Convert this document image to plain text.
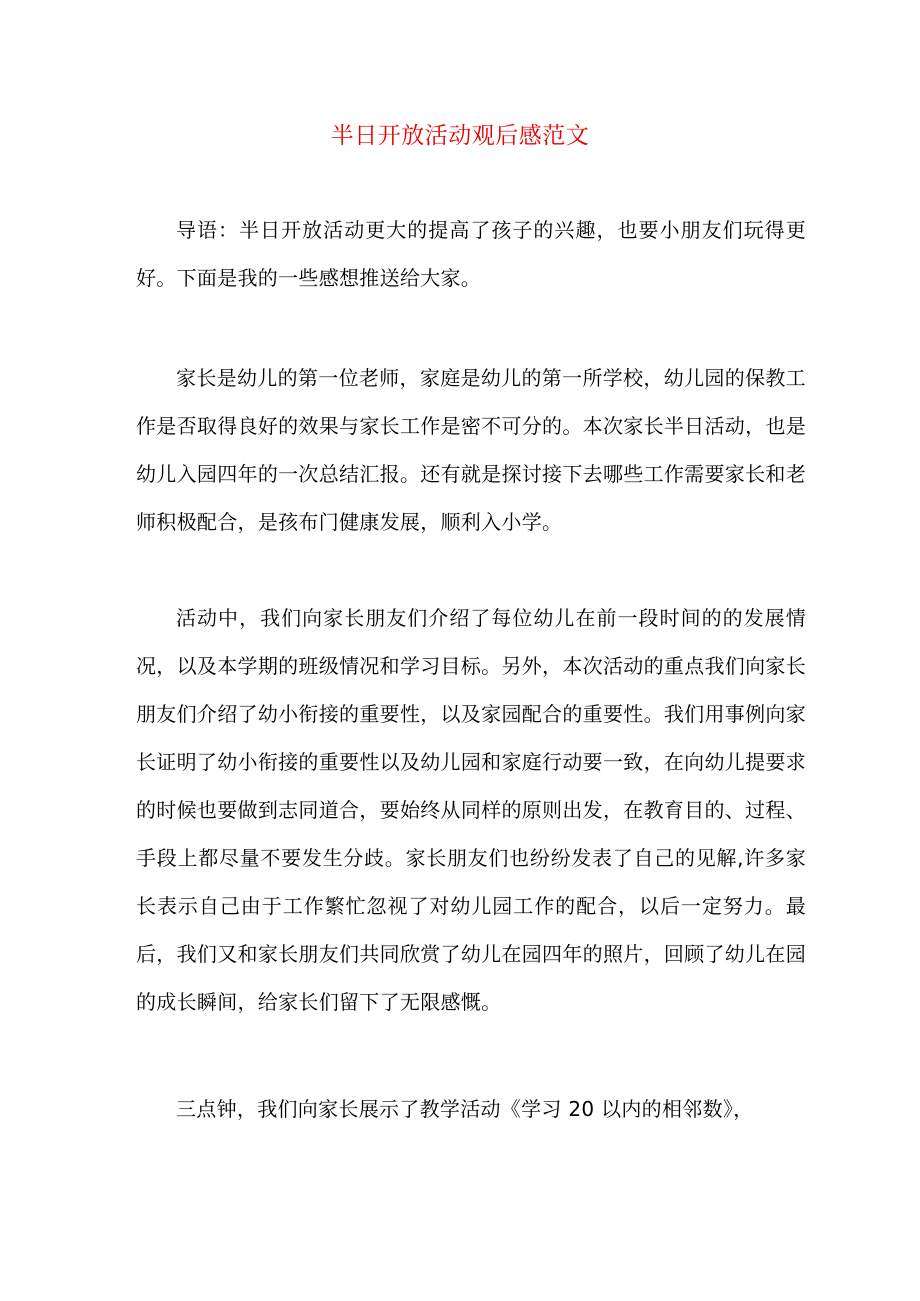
半日开放活动观后感范文

导语：半日开放活动更大的提高了孩子的兴趣，也要小朋友们玩得更好。下面是我的一些感想推送给大家。

家长是幼儿的第一位老师，家庭是幼儿的第一所学校，幼儿园的保教工作是否取得良好的效果与家长工作是密不可分的。本次家长半日活动，也是幼儿入园四年的一次总结汇报。还有就是探讨接下去哪些工作需要家长和老师积极配合，是孩布门健康发展，顺利入小学。

活动中，我们向家长朋友们介绍了每位幼儿在前一段时间的的发展情况，以及本学期的班级情况和学习目标。另外，本次活动的重点我们向家长朋友们介绍了幼小衔接的重要性，以及家园配合的重要性。我们用事例向家长证明了幼小衔接的重要性以及幼儿园和家庭行动要一致，在向幼儿提要求的时候也要做到志同道合，要始终从同样的原则出发，在教育目的、过程、手段上都尽量不要发生分歧。家长朋友们也纷纷发表了自己的见解,许多家长表示自己由于工作繁忙忽视了对幼儿园工作的配合，以后一定努力。最后，我们又和家长朋友们共同欣赏了幼儿在园四年的照片，回顾了幼儿在园的成长瞬间，给家长们留下了无限感慨。

三点钟，我们向家长展示了教学活动《学习 20 以内的相邻数》，
